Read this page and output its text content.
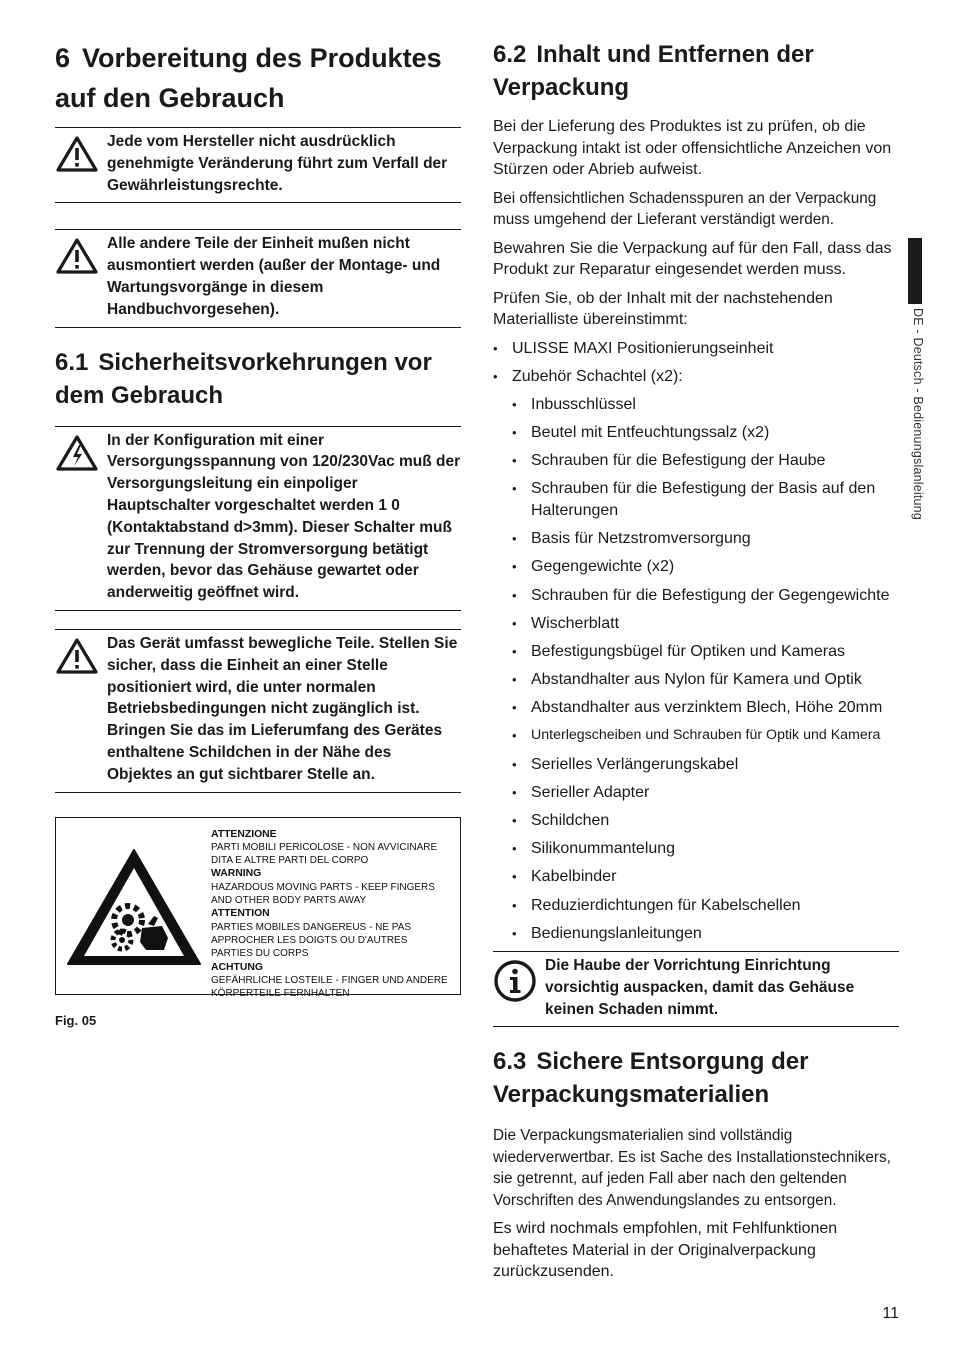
6 Vorbereitung des Produktes auf den Gebrauch
Jede vom Hersteller nicht ausdrücklich genehmigte Veränderung führt zum Verfall der Gewährleistungsrechte.
Alle andere Teile der Einheit mußen nicht ausmontiert werden (außer der Montage- und Wartungsvorgänge in diesem Handbuchvorgesehen).
6.1 Sicherheitsvorkehrungen vor dem Gebrauch
In der Konfiguration mit einer Versorgungsspannung von 120/230Vac muß der Versorgungsleitung ein einpoliger Hauptschalter vorgeschaltet werden 1 0 (Kontaktabstand d>3mm). Dieser Schalter muß zur Trennung der Stromversorgung betätigt werden, bevor das Gehäuse gewartet oder anderweitig geöffnet wird.
Das Gerät umfasst bewegliche Teile. Stellen Sie sicher, dass die Einheit an einer Stelle positioniert wird, die unter normalen Betriebsbedingungen nicht zugänglich ist. Bringen Sie das im Lieferumfang des Gerätes enthaltene Schildchen in der Nähe des Objektes an gut sichtbarer Stelle an.
ATTENZIONE
PARTI MOBILI PERICOLOSE - NON AVVICINARE DITA E ALTRE PARTI DEL CORPO
WARNING
HAZARDOUS MOVING PARTS - KEEP FINGERS AND OTHER BODY PARTS AWAY
ATTENTION
PARTIES MOBILES DANGEREUS - NE PAS APPROCHER LES DOIGTS OU D'AUTRES PARTIES DU CORPS
ACHTUNG
GEFÄHRLICHE LOSTEILE - FINGER UND ANDERE KÖRPERTEILE FERNHALTEN
Fig. 05
6.2 Inhalt und Entfernen der Verpackung

Bei der Lieferung des Produktes ist zu prüfen, ob die Verpackung intakt ist oder offensichtliche Anzeichen von Stürzen oder Abrieb aufweist.

Bei offensichtlichen Schadensspuren an der Verpackung muss umgehend der Lieferant verständigt werden.

Bewahren Sie die Verpackung auf für den Fall, dass das Produkt zur Reparatur eingesendet werden muss.

Prüfen Sie, ob der Inhalt mit der nachstehenden Materialliste übereinstimmt:

• ULISSE MAXI Positionierungseinheit
• Zubehör Schachtel (x2):
• Inbusschlüssel
• Beutel mit Entfeuchtungssalz (x2)
• Schrauben für die Befestigung der Haube
• Schrauben für die Befestigung der Basis auf den Halterungen
• Basis für Netzstromversorgung
• Gegengewichte (x2)
• Schrauben für die Befestigung der Gegengewichte
• Wischerblatt
• Befestigungsbügel für Optiken und Kameras
• Abstandhalter aus Nylon für Kamera und Optik
• Abstandhalter aus verzinktem Blech, Höhe 20mm
• Unterlegscheiben und Schrauben für Optik und Kamera
• Serielles Verlängerungskabel
• Serieller Adapter
• Schildchen
• Silikonummantelung
• Kabelbinder
• Reduzierdichtungen für Kabelschellen
• Bedienungslanleitungen
Die Haube der Vorrichtung Einrichtung vorsichtig auspacken, damit das Gehäuse keinen Schaden nimmt.
6.3 Sichere Entsorgung der Verpackungsmaterialien

Die Verpackungsmaterialien sind vollständig wiederverwertbar. Es ist Sache des Installationstechnikers, sie getrennt, auf jeden Fall aber nach den geltenden Vorschriften des Anwendungslandes zu entsorgen.

Es wird nochmals empfohlen, mit Fehlfunktionen behaftetes Material in der Originalverpackung zurückzusenden.

DE - Deutsch - Bedienungslanleitung
11
